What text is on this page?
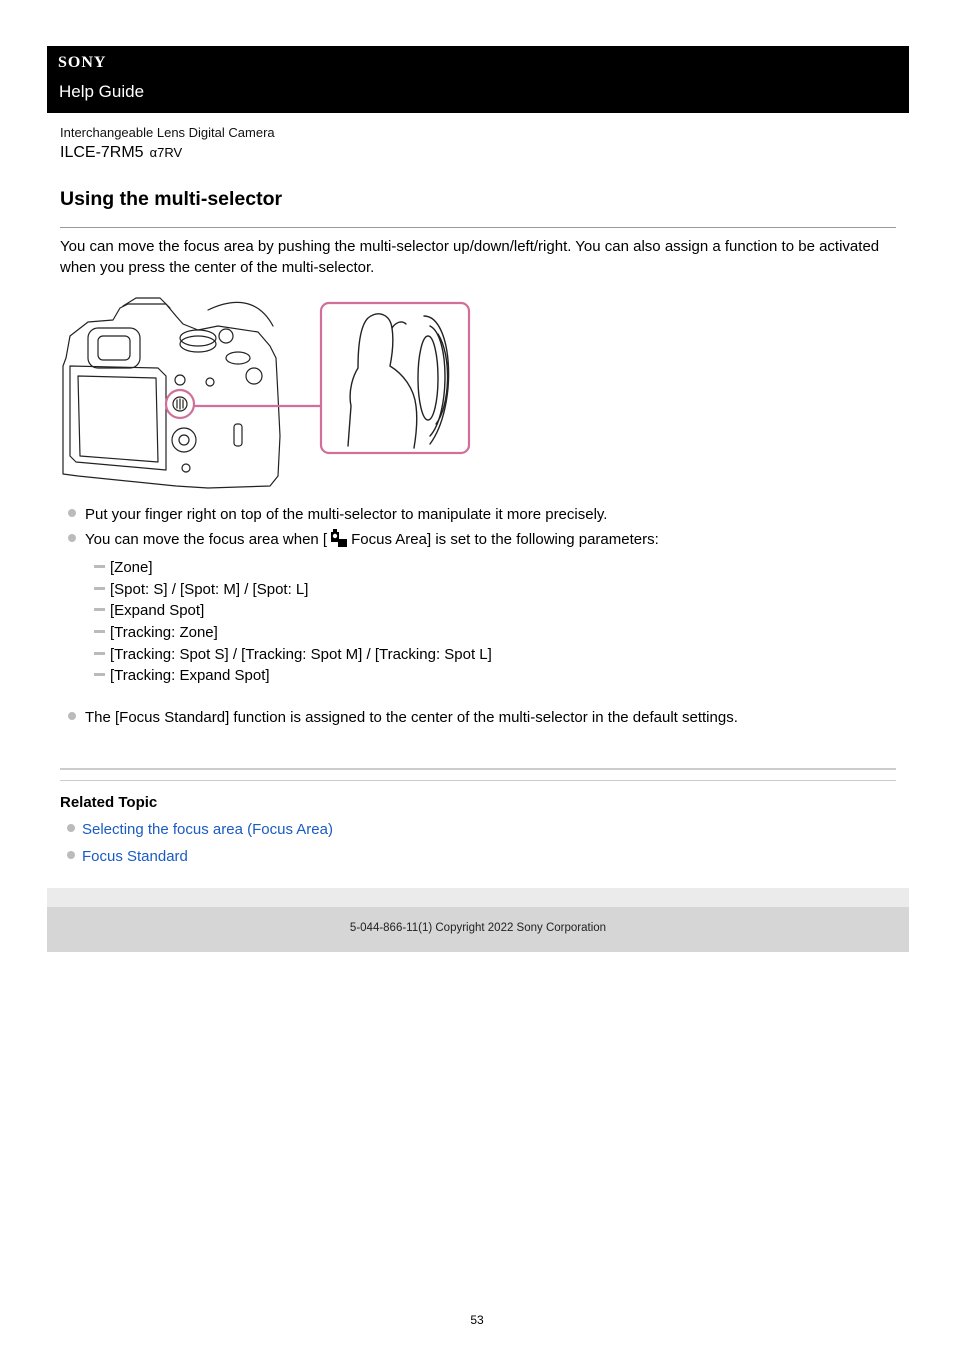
SONY
Help Guide
Interchangeable Lens Digital Camera
ILCE-7RM5 α7RV
Using the multi-selector
You can move the focus area by pushing the multi-selector up/down/left/right. You can also assign a function to be activated when you press the center of the multi-selector.
Put your finger right on top of the multi-selector to manipulate it more precisely.
You can move the focus area when [ Focus Area] is set to the following parameters:
The [Focus Standard] function is assigned to the center of the multi-selector in the default settings.
[Zone]
[Spot: S] / [Spot: M] / [Spot: L]
[Expand Spot]
[Tracking: Zone]
[Tracking: Spot S] / [Tracking: Spot M] / [Tracking: Spot L]
[Tracking: Expand Spot]
Related Topic
Selecting the focus area (Focus Area)
Focus Standard
5-044-866-11(1) Copyright 2022 Sony Corporation
53
